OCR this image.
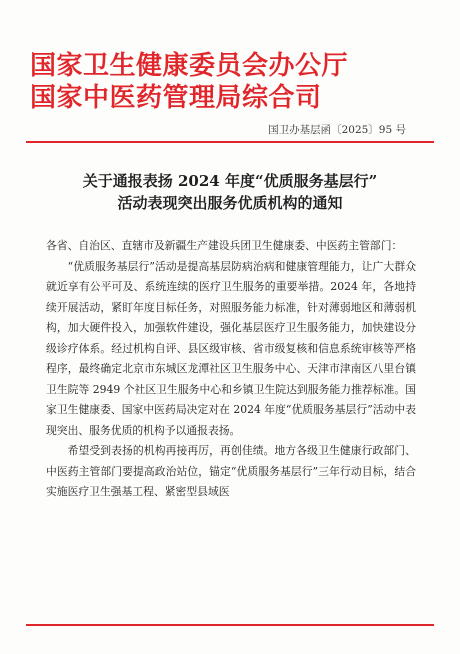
国家卫生健康委员会办公厅
国家中医药管理局综合司
国卫办基层函〔2025〕95 号
关于通报表扬 2024 年度“优质服务基层行”
活动表现突出服务优质机构的通知

各省、自治区、直辖市及新疆生产建设兵团卫生健康委、中医药主管部门：

“优质服务基层行”活动是提高基层防病治病和健康管理能力，让广大群众就近享有公平可及、系统连续的医疗卫生服务的重要举措。2024 年，各地持续开展活动，紧盯年度目标任务，对照服务能力标准，针对薄弱地区和薄弱机构，加大硬件投入，加强软件建设，强化基层医疗卫生服务能力，加快建设分级诊疗体系。经过机构自评、县区级审核、省市级复核和信息系统审核等严格程序，最终确定北京市东城区龙潭社区卫生服务中心、天津市津南区八里台镇卫生院等 2949 个社区卫生服务中心和乡镇卫生院达到服务能力推荐标准。国家卫生健康委、国家中医药局决定对在 2024 年度“优质服务基层行”活动中表现突出、服务优质的机构予以通报表扬。

希望受到表扬的机构再接再厉，再创佳绩。地方各级卫生健康行政部门、中医药主管部门要提高政治站位，锚定“优质服务基层行”三年行动目标，结合实施医疗卫生强基工程、紧密型县域医
